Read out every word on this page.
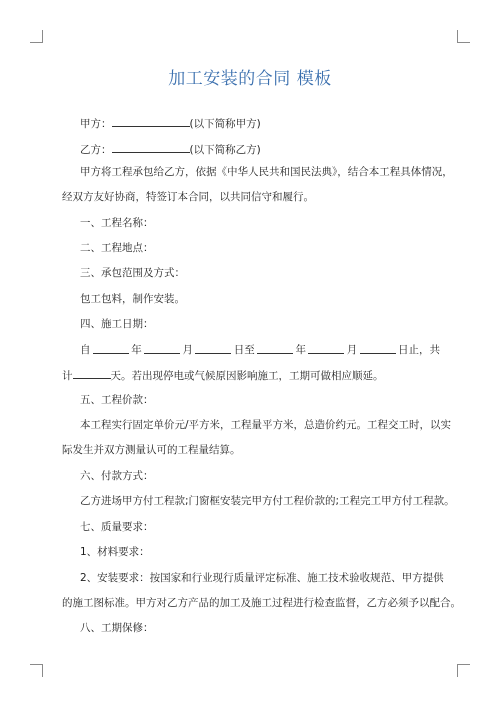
加工安装的合同 模板
甲方：	(以下简称甲方)
乙方：	(以下简称乙方)
甲方将工程承包给乙方，依据《中华人民共和国民法典》，结合本工程具体情况，
经双方友好协商，特签订本合同，以共同信守和履行。
一、工程名称：
二、工程地点：
三、承包范围及方式：
包工包料，制作安装。
四、施工日期：
自	年	月	日至	年	月	日止，共
计	天。若出现停电或气候原因影响施工，工期可做相应顺延。
五、工程价款：
本工程实行固定单价元/平方米，工程量平方米，总造价约元。工程交工时，以实
际发生并双方测量认可的工程量结算。
六、付款方式：
乙方进场甲方付工程款;门窗框安装完甲方付工程价款的;工程完工甲方付工程款。
七、质量要求：
1、材料要求：
2、安装要求：按国家和行业现行质量评定标准、施工技术验收规范、甲方提供
的施工图标准。甲方对乙方产品的加工及施工过程进行检查监督，乙方必须予以配合。
八、工期保修：
